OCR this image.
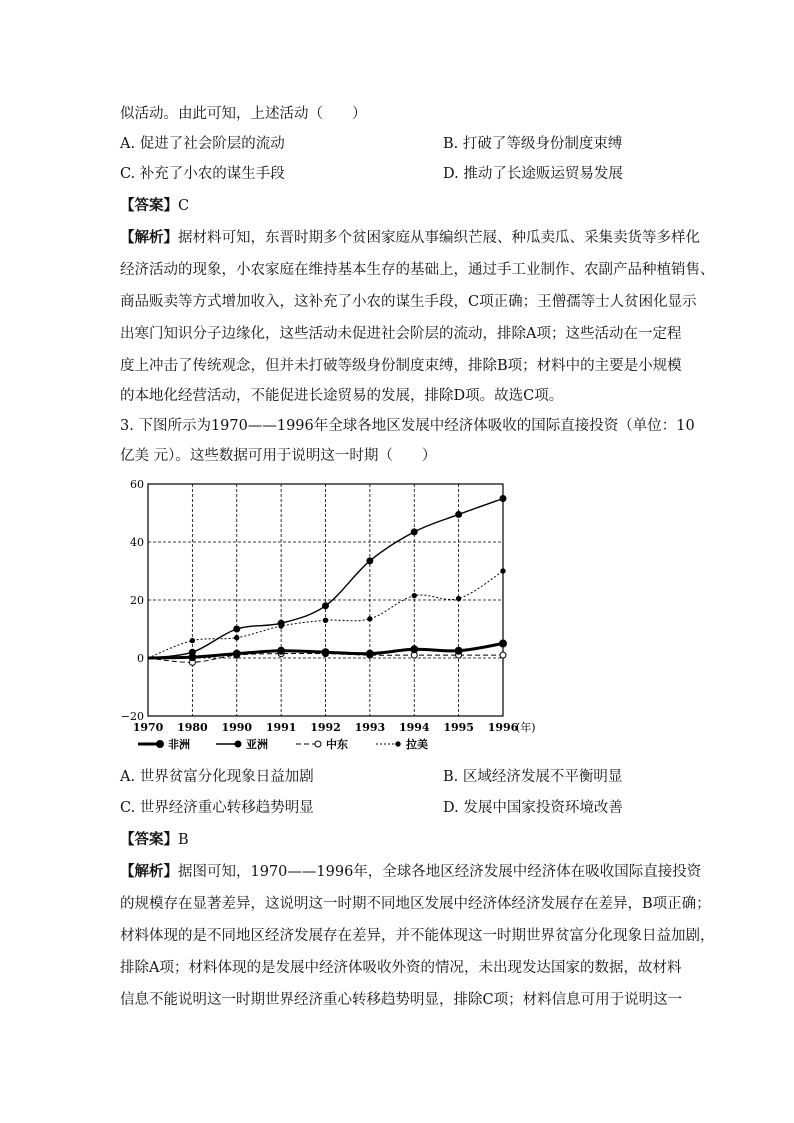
似活动。由此可知，上述活动（　　）
A. 促进了社会阶层的流动	B. 打破了等级身份制度束缚
C. 补充了小农的谋生手段	D. 推动了长途贩运贸易发展
【答案】C
【解析】据材料可知，东晋时期多个贫困家庭从事编织芒屐、种瓜卖瓜、采集卖货等多样化
经济活动的现象，小农家庭在维持基本生存的基础上，通过手工业制作、农副产品种植销售、
商品贩卖等方式增加收入，这补充了小农的谋生手段，C项正确；王僧孺等士人贫困化显示
出寒门知识分子边缘化，这些活动未促进社会阶层的流动，排除A项；这些活动在一定程
度上冲击了传统观念，但并未打破等级身份制度束缚，排除B项；材料中的主要是小规模
的本地化经营活动，不能促进长途贸易的发展，排除D项。故选C项。
3. 下图所示为1970——1996年全球各地区发展中经济体吸收的国际直接投资（单位：10
亿美 元）。这些数据可用于说明这一时期（　　）
60
40
20
0
−20
1970 1980 1990 1991 1992 1993 1994 1995 1996
(年)
非洲	亚洲	中东	拉美
A. 世界贫富分化现象日益加剧	B. 区域经济发展不平衡明显
C. 世界经济重心转移趋势明显	D. 发展中国家投资环境改善
【答案】B
【解析】据图可知，1970——1996年，全球各地区经济发展中经济体在吸收国际直接投资
的规模存在显著差异，这说明这一时期不同地区发展中经济体经济发展存在差异，B项正确；
材料体现的是不同地区经济发展存在差异，并不能体现这一时期世界贫富分化现象日益加剧，
排除A项；材料体现的是发展中经济体吸收外资的情况，未出现发达国家的数据，故材料
信息不能说明这一时期世界经济重心转移趋势明显，排除C项；材料信息可用于说明这一
